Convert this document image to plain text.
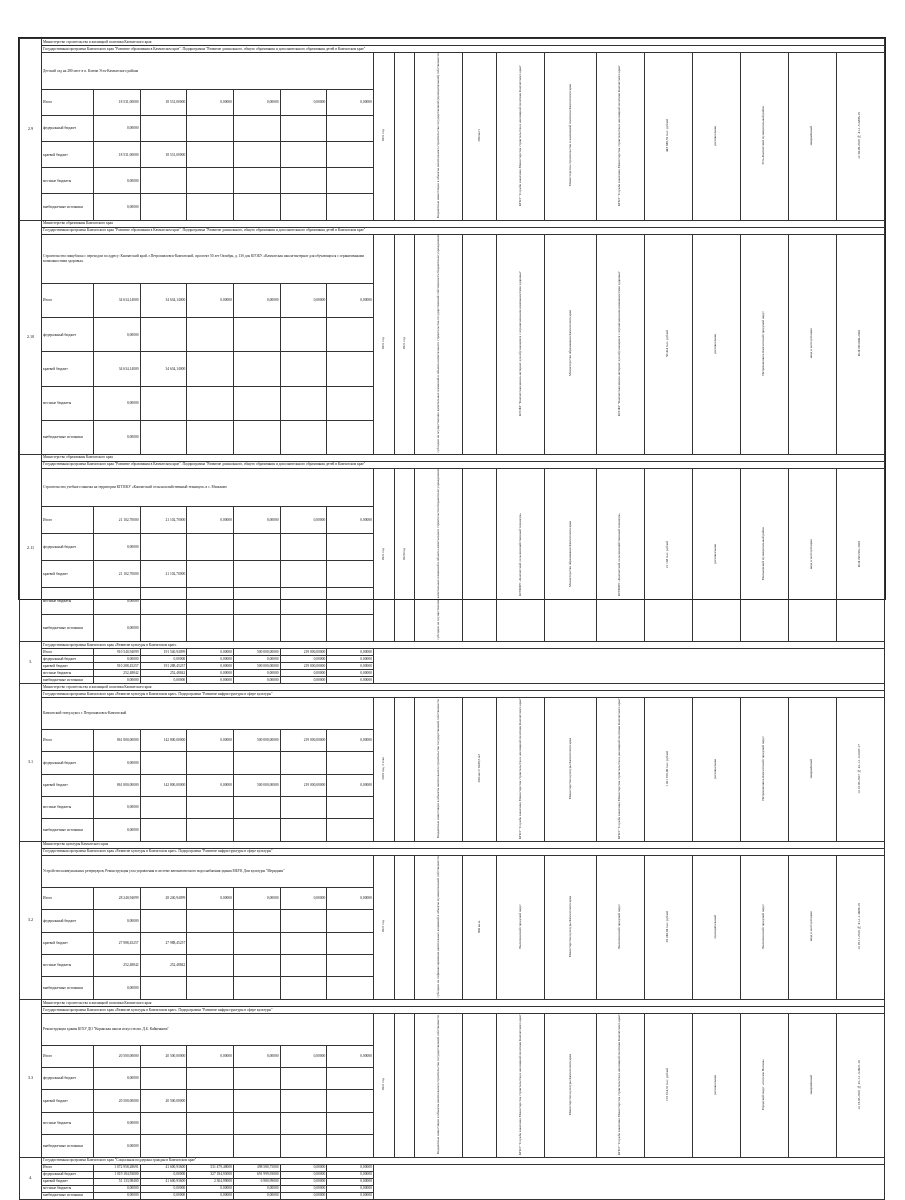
2.9	Министерство строительства и жилищной политики Камчатского края																		
	Государственная программа Камчатского края "Развитие образования в Камчатском крае". Подпрограмма "Развитие дошкольного, общего образования и дополнительного образования детей в Камчатском крае"																		
	Детский сад на 280 мест в п. Ключи Усть-Камчатского района							2021 год		Бюджетные инвестиции в объекты капитального строительства государственной (муниципальной) собственности	280 мест	КГКУ "Служба заказчика Министерства строительства и жилищной политики Камчатского края"	Министерство строительства и жилищной политики Камчатского края	КГКУ "Служба заказчика Министерства строительства и жилищной политики Камчатского края"	443 848,55 тыс. рублей	региональная	Усть-Камчатский муниципальный район	завершённый	от 30.09.2019 № 41-1-5-0386-19
	Итого	18 531,00000	18 531,00000	0,00000	0,00000	0,00000	0,00000												
	федеральный бюджет	0,00000																	
	краевой бюджет	18 531,00000	18 531,00000																
	местные бюджеты	0,00000																	
	внебюджетные источники	0,00000																	
2.10	Министерство образования Камчатского края																		
	Государственная программа Камчатского края "Развитие образования в Камчатском крае". Подпрограмма "Развитие дошкольного, общего образования и дополнительного образования детей в Камчатском крае"																		
	Строительство пищеблока с переходом по адресу: Камчатский край, г.Петропавловск-Камчатский, проспект 50 лет Октября, д. 13б для КГОБУ «Камчатская школа-интернат для обучающихся с ограниченными возможностями здоровья»							2021 год	2021 год	субсидии на осуществление капитальных вложений в объекты капитального строительства государственной собственности бюджетным учреждениям		КГОБУ "Камчатская школа-интернат для обучающихся с ограниченными возможностями здоровья"	Министерство образования Камчатского края	КГОБУ "Камчатская школа-интернат для обучающихся с ограниченными возможностями здоровья"	50 414 тыс. рублей	региональная	Петропавловск-Камчатский городской округ	ввод в эксплуатацию	RU41301000-2020
	Итого	34 634,14000	34 634,14000	0,00000	0,00000	0,00000	0,00000												
	федеральный бюджет	0,00000																	
	краевой бюджет	34 634,14000	34 634,14000																
	местные бюджеты	0,00000																	
	внебюджетные источники	0,00000																	
2.11	Министерство образования Камчатского края																		
	Государственная программа Камчатского края "Развитие образования в Камчатском крае". Подпрограмма "Развитие дошкольного, общего образования и дополнительного образования детей в Камчатском крае"																		
	Строительство учебного манежа на территории КГПОБУ «Камчатский сельскохозяйственный техникум» в с. Мильково							2021 год	2020 год	субсидии на осуществление капитальных вложений в объекты капитального строительства бюджетным учреждениям		КГПОБУ «Камчатский сельскохозяйственный техникум»	Министерство образования Камчатского края	КГПОБУ «Камчатский сельскохозяйственный техникум»	21 103 тыс. рублей	региональная	Мильковский муниципальный район	ввод в эксплуатацию	RU41501301-2020
	Итого	21 102,70000	21 102,70000	0,00000	0,00000	0,00000	0,00000												
	федеральный бюджет	0,00000																	
	краевой бюджет	21 102,70000	21 102,70000																
	местные бюджеты	0,00000																	
	внебюджетные источники	0,00000																	
3.	Государственная программа Камчатского края «Развитие культуры в Камчатском крае»																		
	Итого	910 540,94099	191 540,94099	0,00000	500 000,00000	219 000,00000	0,00000												
	федеральный бюджет	0,00000	0,00000	0,00000	0,00000	0,00000	0,00000												
	краевой бюджет	910 288,45257	191 288,45257	0,00000	500 000,00000	219 000,00000	0,00000												
	местные бюджеты	252,48842	252,48842	0,00000	0,00000	0,00000	0,00000												
	внебюджетные источники	0,00000	0,00000	0,00000	0,00000	0,00000	0,00000												
3.1	Министерство строительства и жилищной политики Камчатского края																		
	Государственная программа Камчатского края «Развитие культуры в Камчатском крае». Подпрограмма "Развитие инфраструктуры в сфере культуры"																		
	Камчатский театр кукол г. Петропавловск-Камчатский							2018 год, 2 этап		Бюджетные инвестиции в объекты капитального строительства государственной собственности	200 мест/ 6208,5 м2	КГКУ "Служба заказчика Министерства строительства и жилищной политики Камчатского края"	Министерство культуры Камчатского края	КГКУ "Служба заказчика Министерства строительства и жилищной политики Камчатского края"	1 021 919,00 тыс. рублей	региональная	Петропавловск-Камчатский городской округ	завершённый	от 22.05.2017 № 41-1-1-3-0107-17
	Итого	861 800,00000	142 800,00000	0,00000	500 000,00000	219 000,00000	0,00000												
	федеральный бюджет	0,00000																	
	краевой бюджет	861 800,00000	142 800,00000	0,00000	500 000,00000	219 000,00000	0,00000												
	местные бюджеты	0,00000																	
	внебюджетные источники	0,00000																	
3.2	Министерство культуры Камчатского края																		
	Государственная программа Камчатского края «Развитие культуры в Камчатском крае». Подпрограмма "Развитие инфраструктуры в сфере культуры"																		
	Устройство коммунальных резервуаров, Реконструкция узла управления в системе автоматического водоснабжения здания МБУК Дом культуры "Меридиан"							2021 год		субсидии на софинансирование капитальных вложений в объекты муниципальной собственности	900 кв.м.	Вилючинский городской округ	Министерство культуры Камчатского края	Вилючинский городской округ	28 240,94 тыс. рублей	муниципальный	Вилючинский городской округ	ввод в эксплуатацию	от 29.11.2019 № 41-1-1-0009-19
	Итого	28 240,94099	28 240,94099	0,00000	0,00000	0,00000	0,00000												
	федеральный бюджет	0,00000																	
	краевой бюджет	27 988,45257	27 988,45257																
	местные бюджеты	252,48842	252,48842																
	внебюджетные источники	0,00000																	
3.3	Министерство строительства и жилищной политики Камчатского края																		
	Государственная программа Камчатского края «Развитие культуры в Камчатском крае». Подпрограмма "Развитие инфраструктуры в сфере культуры"																		
	Реконструкция здания КГБУ ДО "Корякская школа искусств им. Д.Б. Кайкеянова"							2021 год		Бюджетные инвестиции в объекты капитального строительства государственной собственности		КГКУ "Служба заказчика Министерства строительства и жилищной политики Камчатского края"	Министерство культуры Камчатского края	КГКУ "Служба заказчика Министерства строительства и жилищной политики Камчатского края"	155 914,31 тыс. рублей	региональная	Городской округ «поселок Палана»	завершённый	от 18.05.2016 № 41-1-1-3-0021-16
	Итого	20 500,00000	20 500,00000	0,00000	0,00000	0,00000	0,00000												
	федеральный бюджет	0,00000																	
	краевой бюджет	20 500,00000	20 500,00000																
	местные бюджеты	0,00000																	
	внебюджетные источники	0,00000																	
4.	Государственная программа Камчатского края "Социальная поддержка граждан в Камчатском крае"																		
	Итого	1 072 958,28691	41 600,93600	531 479,48000	498 580,75000	0,00000	0,00000												
	федеральный бюджет	1 019 184,93000	0,00000	327 184,93000	691 999,93000	0,00000	0,00000												
	краевой бюджет	51 133,98400	41 600,93600	2 304,99000	6 980,99000	0,00000	0,00000												
	местные бюджеты	0,00000	0,00000	0,00000	0,00000	0,00000	0,00000												
	внебюджетные источники	0,00000	0,00000	0,00000	0,00000	0,00000	0,00000												
